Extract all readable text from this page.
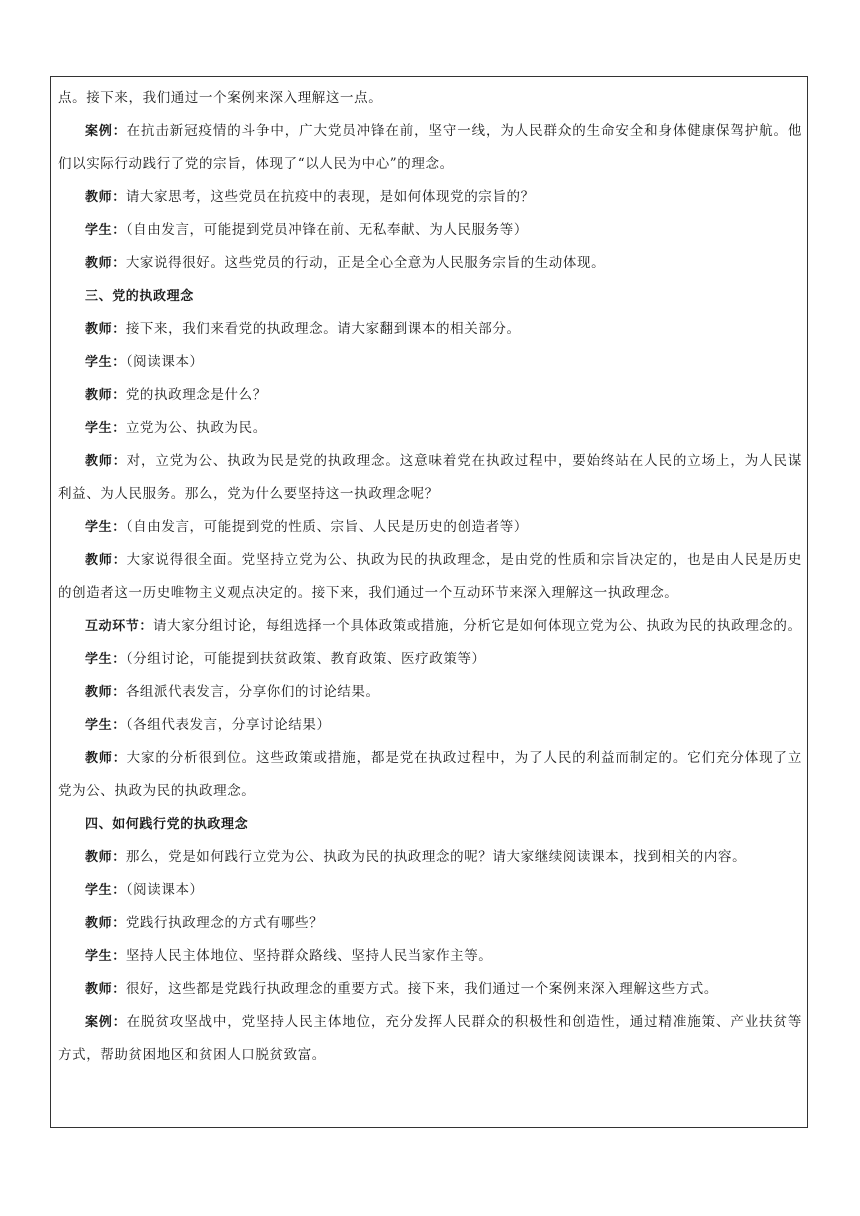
点。接下来，我们通过一个案例来深入理解这一点。

案例：在抗击新冠疫情的斗争中，广大党员冲锋在前，坚守一线，为人民群众的生命安全和身体健康保驾护航。他们以实际行动践行了党的宗旨，体现了“以人民为中心”的理念。

教师：请大家思考，这些党员在抗疫中的表现，是如何体现党的宗旨的？

学生：（自由发言，可能提到党员冲锋在前、无私奉献、为人民服务等）

教师：大家说得很好。这些党员的行动，正是全心全意为人民服务宗旨的生动体现。

三、党的执政理念

教师：接下来，我们来看党的执政理念。请大家翻到课本的相关部分。

学生：（阅读课本）

教师：党的执政理念是什么？

学生：立党为公、执政为民。

教师：对，立党为公、执政为民是党的执政理念。这意味着党在执政过程中，要始终站在人民的立场上，为人民谋利益、为人民服务。那么，党为什么要坚持这一执政理念呢？

学生：（自由发言，可能提到党的性质、宗旨、人民是历史的创造者等）

教师：大家说得很全面。党坚持立党为公、执政为民的执政理念，是由党的性质和宗旨决定的，也是由人民是历史的创造者这一历史唯物主义观点决定的。接下来，我们通过一个互动环节来深入理解这一执政理念。

互动环节：请大家分组讨论，每组选择一个具体政策或措施，分析它是如何体现立党为公、执政为民的执政理念的。

学生：（分组讨论，可能提到扶贫政策、教育政策、医疗政策等）

教师：各组派代表发言，分享你们的讨论结果。

学生：（各组代表发言，分享讨论结果）

教师：大家的分析很到位。这些政策或措施，都是党在执政过程中，为了人民的利益而制定的。它们充分体现了立党为公、执政为民的执政理念。

四、如何践行党的执政理念

教师：那么，党是如何践行立党为公、执政为民的执政理念的呢？请大家继续阅读课本，找到相关的内容。

学生：（阅读课本）

教师：党践行执政理念的方式有哪些？

学生：坚持人民主体地位、坚持群众路线、坚持人民当家作主等。

教师：很好，这些都是党践行执政理念的重要方式。接下来，我们通过一个案例来深入理解这些方式。

案例：在脱贫攻坚战中，党坚持人民主体地位，充分发挥人民群众的积极性和创造性，通过精准施策、产业扶贫等方式，帮助贫困地区和贫困人口脱贫致富。
